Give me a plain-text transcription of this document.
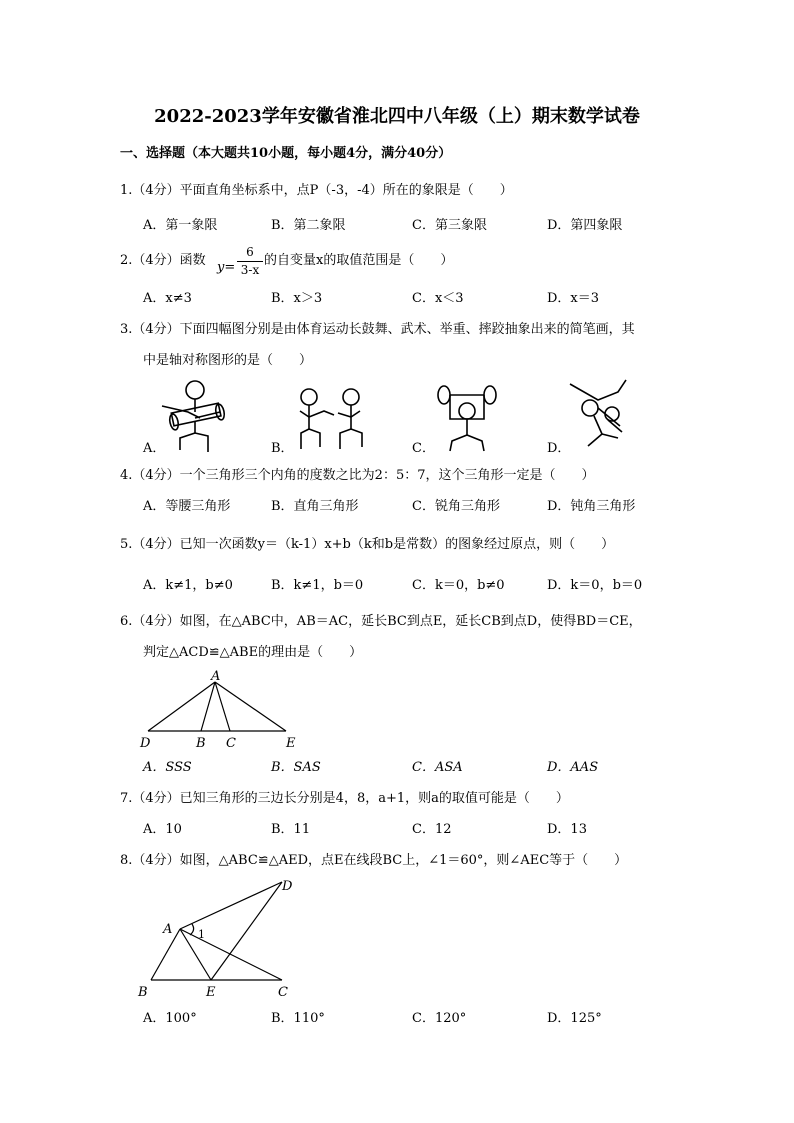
2022-2023学年安徽省淮北四中八年级（上）期末数学试卷
一、选择题（本大题共10小题，每小题4分，满分40分）
1.（4分）平面直角坐标系中，点P（-3，-4）所在的象限是（　　）
A．第一象限	B．第二象限	C．第三象限	D．第四象限
2.（4分）函数 y=
6
3-x
的自变量x的取值范围是（　　）
A．x≠3	B．x＞3	C．x＜3	D．x＝3
3.（4分）下面四幅图分别是由体育运动长鼓舞、武术、举重、摔跤抽象出来的简笔画，其
中是轴对称图形的是（　　）
A．	B．	C．	D．
4.（4分）一个三角形三个内角的度数之比为2：5：7，这个三角形一定是（　　）
A．等腰三角形	B．直角三角形	C．锐角三角形	D．钝角三角形
5.（4分）已知一次函数y＝（k-1）x+b（k和b是常数）的图象经过原点，则（　　）
A．k≠1，b≠0	B．k≠1，b＝0	C．k＝0，b≠0	D．k＝0，b＝0
6.（4分）如图，在△ABC中，AB＝AC，延长BC到点E，延长CB到点D，使得BD＝CE，
判定△ACD≌△ABE的理由是（　　）
A
D	B C	E
A．SSS	B．SAS	C．ASA	D．AAS
7.（4分）已知三角形的三边长分别是4，8，a+1，则a的取值可能是（　　）
A．10	B．11	C．12	D．13
8.（4分）如图，△ABC≌△AED，点E在线段BC上，∠1＝60°，则∠AEC等于（　　）
D
A 1
B	E	C
A．100°	B．110°	C．120°	D．125°
